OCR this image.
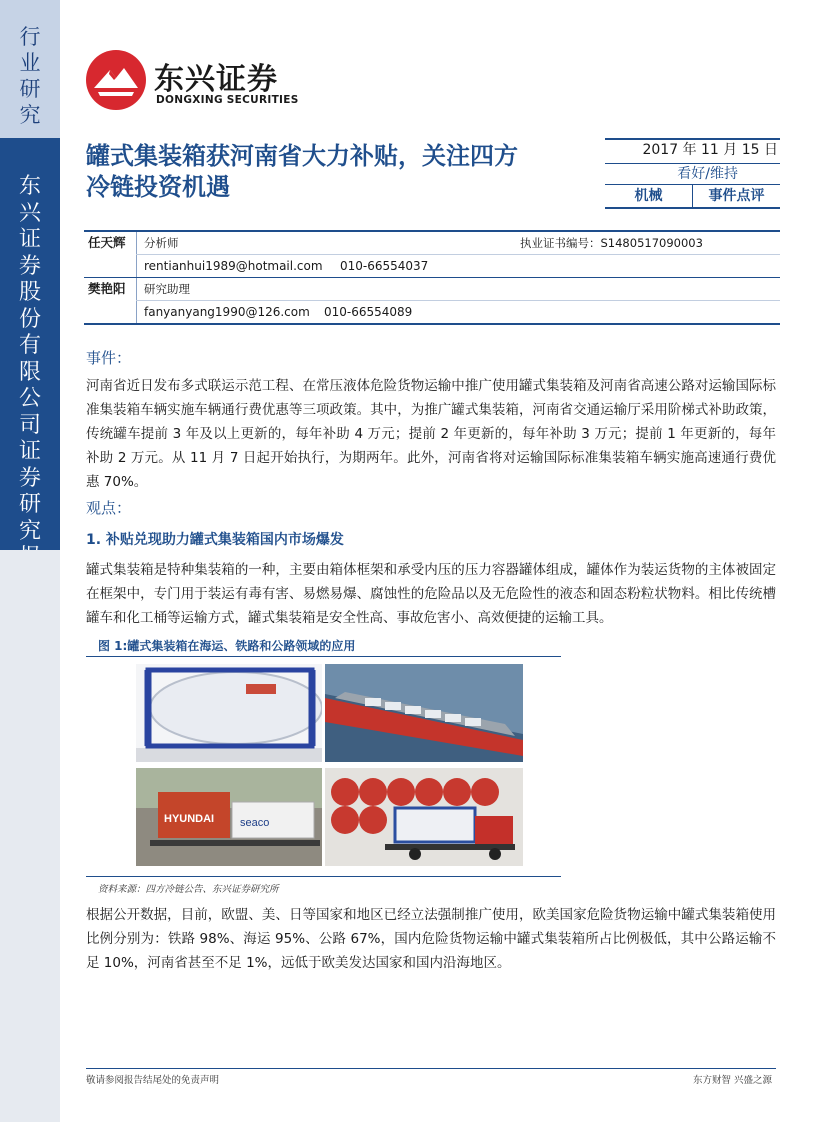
行业研究
东兴证券股份有限公司证券研究
东兴证券
DONGXING SECURITIES
罐式集装箱获河南省大力补贴，关注四方冷链投资机遇
2017 年 11 月 15 日
看好/维持
机械	事件点评
任天辉 分析师	执业证书编号：S1480517090003
rentianhui1989@hotmail.com 010-66554037
樊艳阳 研究助理
fanyanyang1990@126.com 010-66554089
事件：
河南省近日发布多式联运示范工程、在常压液体危险货物运输中推广使用罐式集装箱及河南省高速公路对运输国际标准集装箱车辆实施车辆通行费优惠等三项政策。其中，为推广罐式集装箱，河南省交通运输厅采用阶梯式补助政策，传统罐车提前 3 年及以上更新的，每年补助 4 万元；提前 2 年更新的，每年补助 3 万元；提前 1 年更新的，每年补助 2 万元。从 11 月 7 日起开始执行，为期两年。此外，河南省将对运输国际标准集装箱车辆实施高速通行费优惠 70%。
观点：
1. 补贴兑现助力罐式集装箱国内市场爆发
罐式集装箱是特种集装箱的一种，主要由箱体框架和承受内压的压力容器罐体组成，罐体作为装运货物的主体被固定在框架中，专门用于装运有毒有害、易燃易爆、腐蚀性的危险品以及无危险性的液态和固态粉粒状物料。相比传统槽罐车和化工桶等运输方式，罐式集装箱是安全性高、事故危害小、高效便捷的运输工具。
图 1:罐式集装箱在海运、铁路和公路领域的应用
HYUNDAI seaco
资料来源：四方冷链公告、东兴证券研究所
根据公开数据，目前，欧盟、美、日等国家和地区已经立法强制推广使用，欧美国家危险货物运输中罐式集装箱使用比例分别为：铁路 98%、海运 95%、公路 67%，国内危险货物运输中罐式集装箱所占比例极低，其中公路运输不足 10%，河南省甚至不足 1%，远低于欧美发达国家和国内沿海地区。
敬请参阅报告结尾处的免责声明	东方财智 兴盛之源
